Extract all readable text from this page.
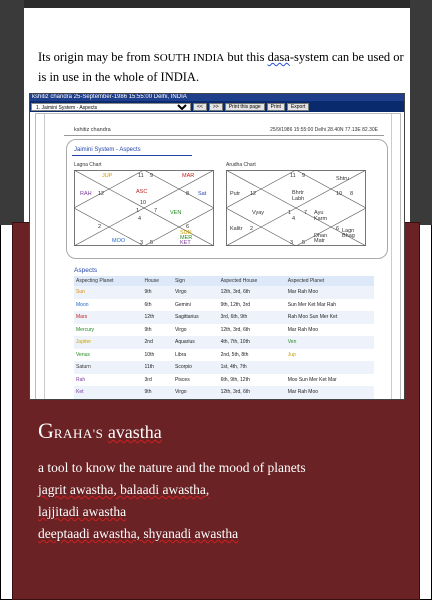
Its origin may be from SOUTH INDIA but this dasa-system can be used or is in use in the whole of INDIA.
kshitiz chandra 25-September-1986 15:55:00 Delhi, INDIA
1. Jaimini System - Aspects
<<	>>	Print this page	Print	Export
kshitiz chandra	25/9/1986 15:55:00 Delhi 28.40N 77.13E 82.30E
Jaimini System - Aspects
Lagna Chart	Arudha Chart
JUP	11 9	MAR
RAH 12	ASC	8 Sat
10
1	7 VEN
4
2	6
SUN
MER
KET
MOO	3 5
11 9	Shtru
Putr 12	Bhrtr
Labh
10 8
Vyay	1 7 Ayu
Karm
4
Kalitr 2	6 Lagn
Bhag
3 5
Dhan
Matr
Aspects
Aspecting Planet	House	Sign	Aspected House	Aspected Planet
Sun	9th	Virgo	12th, 3rd, 6th	Mar Rah Moo
Moon	6th	Gemini	9th, 12th, 3rd	Sun Mer Ket Mar Rah
Mars	12th	Sagittarius	3rd, 6th, 9th	Rah Moo Sun Mer Ket
Mercury	9th	Virgo	12th, 3rd, 6th	Mar Rah Moo
Jupiter	2nd	Aquarius	4th, 7th, 10th	Ven
Venus	10th	Libra	2nd, 5th, 8th	Jup
Saturn	11th	Scorpio	1st, 4th, 7th	
Rah	3rd	Pisces	6th, 9th, 12th	Moo Sun Mer Ket Mar
Ket	9th	Virgo	12th, 3rd, 6th	Mar Rah Moo
GRAHA'S avastha
a tool to know the nature and the mood of planets
jagrit awastha, balaadi awastha,
lajjitadi awastha
deeptaadi awastha, shyanadi awastha
